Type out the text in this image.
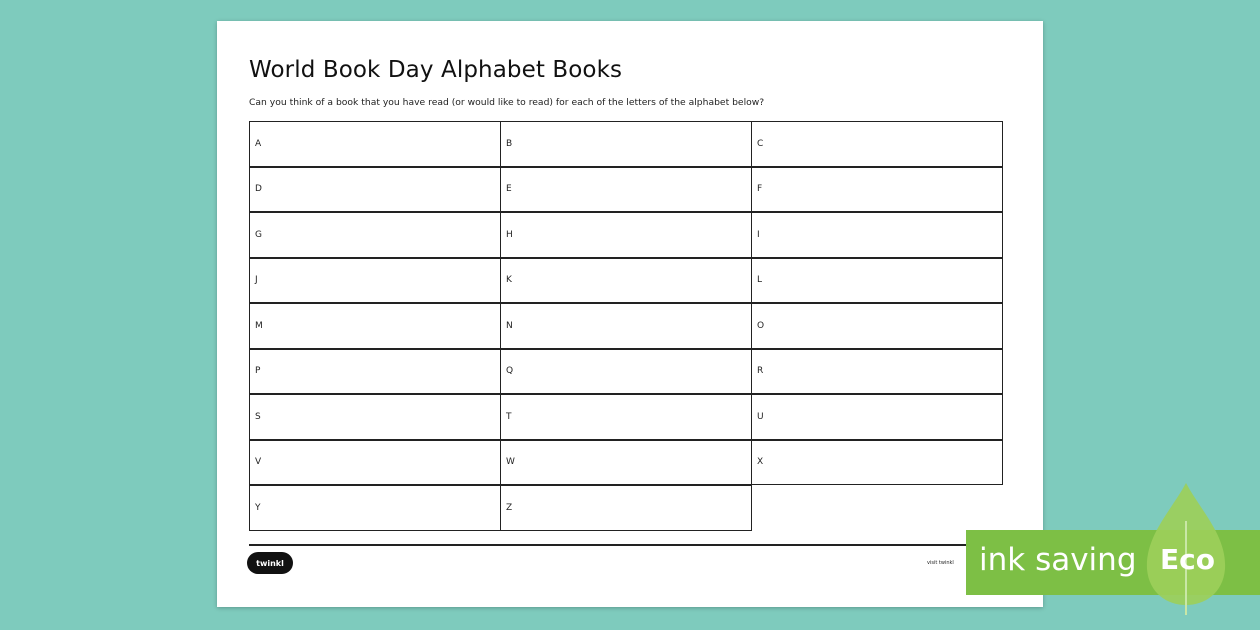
World Book Day Alphabet Books
Can you think of a book that you have read (or would like to read) for each of the letters of the alphabet below?
A	B	C
D	E	F
G	H	I
J	K	L
M	N	O
P	Q	R
S	T	U
V	W	X
Y	Z
twinkl	visit twinkl ink saving Eco
